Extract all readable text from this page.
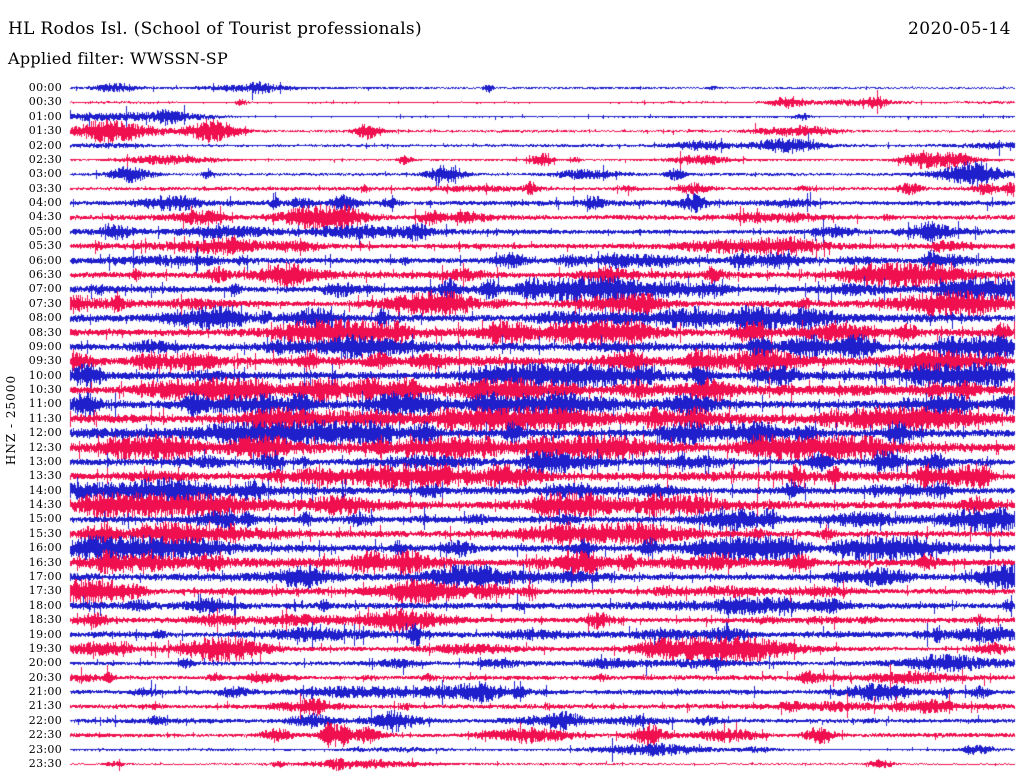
HL Rodos Isl. (School of Tourist professionals)	2020-05-14
Applied filter: WWSSN-SP
HNZ - 25000
00:00
00:30
01:00
01:30
02:00
02:30
03:00
03:30
04:00
04:30
05:00
05:30
06:00
06:30
07:00
07:30
08:00
08:30
09:00
09:30
10:00
10:30
11:00
11:30
12:00
12:30
13:00
13:30
14:00
14:30
15:00
15:30
16:00
16:30
17:00
17:30
18:00
18:30
19:00
19:30
20:00
20:30
21:00
21:30
22:00
22:30
23:00
23:30
